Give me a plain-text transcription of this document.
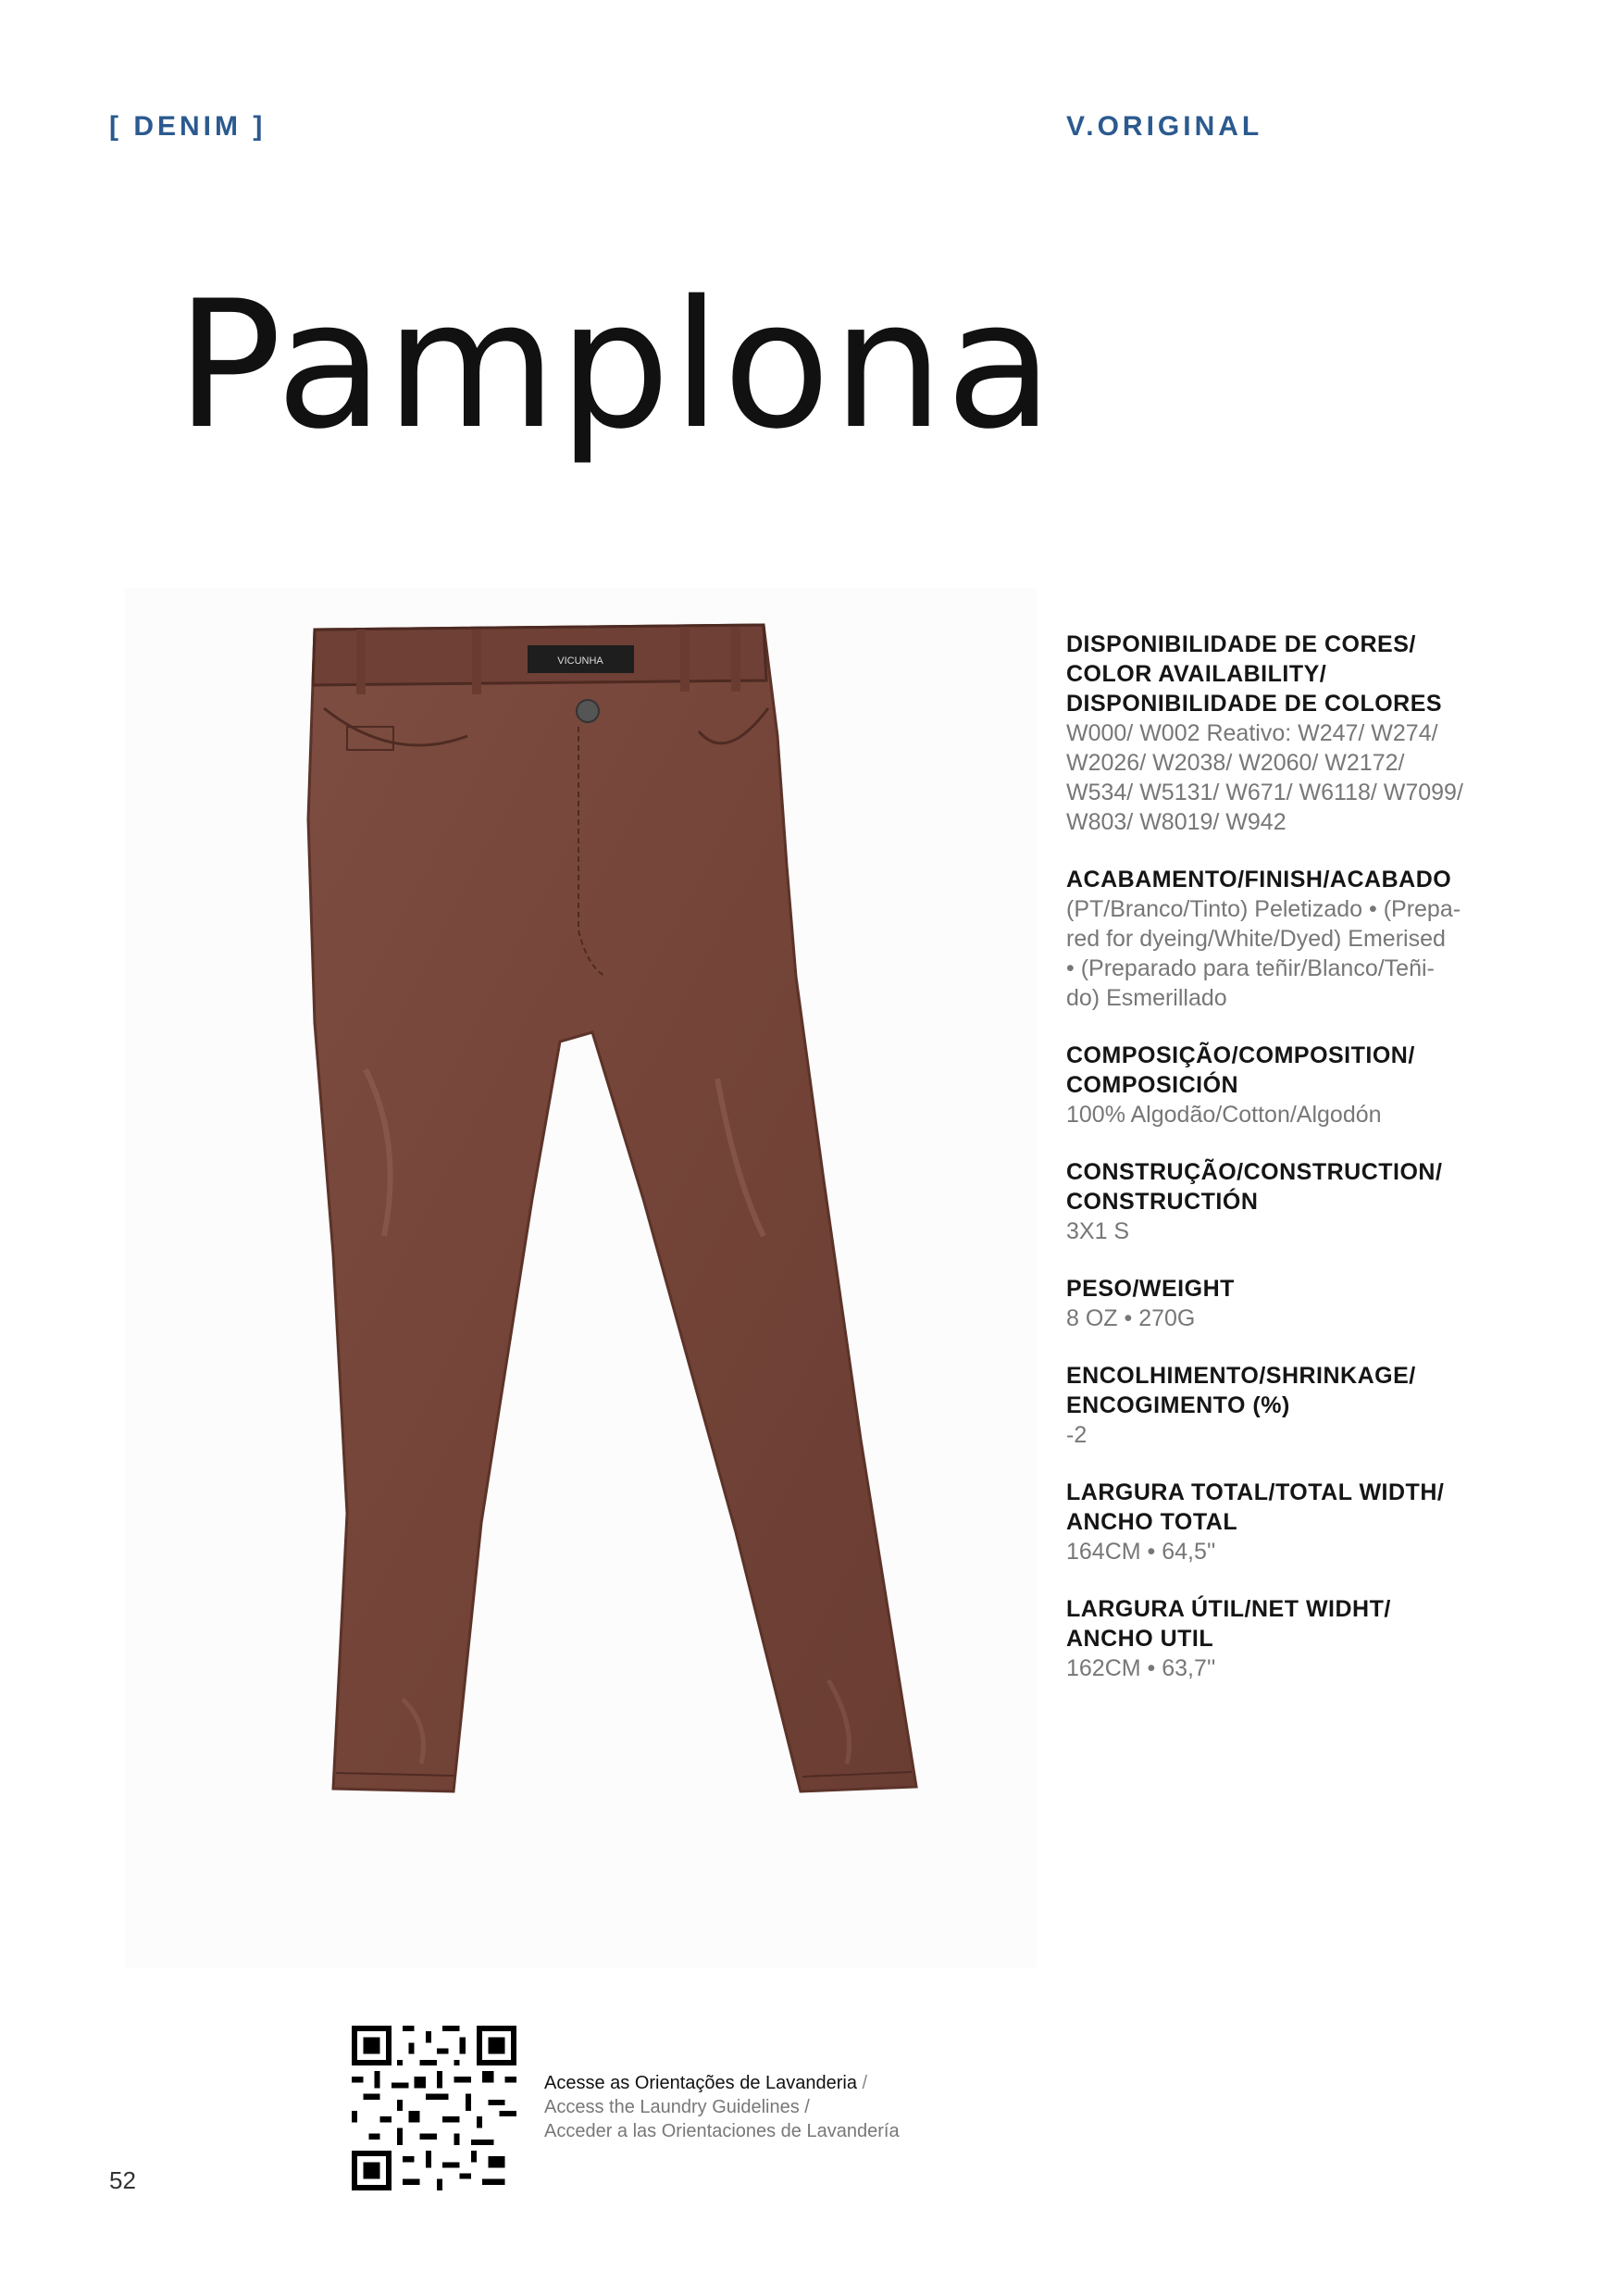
[ DENIM ]	V.ORIGINAL
Pamplona
VICUNHA
DISPONIBILIDADE DE CORES/
COLOR AVAILABILITY/
DISPONIBILIDADE DE COLORES
W000/ W002 Reativo: W247/ W274/
W2026/ W2038/ W2060/ W2172/
W534/ W5131/ W671/ W6118/ W7099/
W803/ W8019/ W942
ACABAMENTO/FINISH/ACABADO
(PT/Branco/Tinto) Peletizado • (Prepa-
red for dyeing/White/Dyed) Emerised
• (Preparado para teñir/Blanco/Teñi-
do) Esmerillado
COMPOSIÇÃO/COMPOSITION/
COMPOSICIÓN
100% Algodão/Cotton/Algodón
CONSTRUÇÃO/CONSTRUCTION/
CONSTRUCTIÓN
3X1 S
PESO/WEIGHT
8 OZ • 270G
ENCOLHIMENTO/SHRINKAGE/
ENCOGIMENTO (%)
-2
LARGURA TOTAL/TOTAL WIDTH/
ANCHO TOTAL
164CM • 64,5''
LARGURA ÚTIL/NET WIDHT/
ANCHO UTIL
162CM • 63,7''
Acesse as Orientações de Lavanderia /
Access the Laundry Guidelines /
Acceder a las Orientaciones de Lavandería
52
